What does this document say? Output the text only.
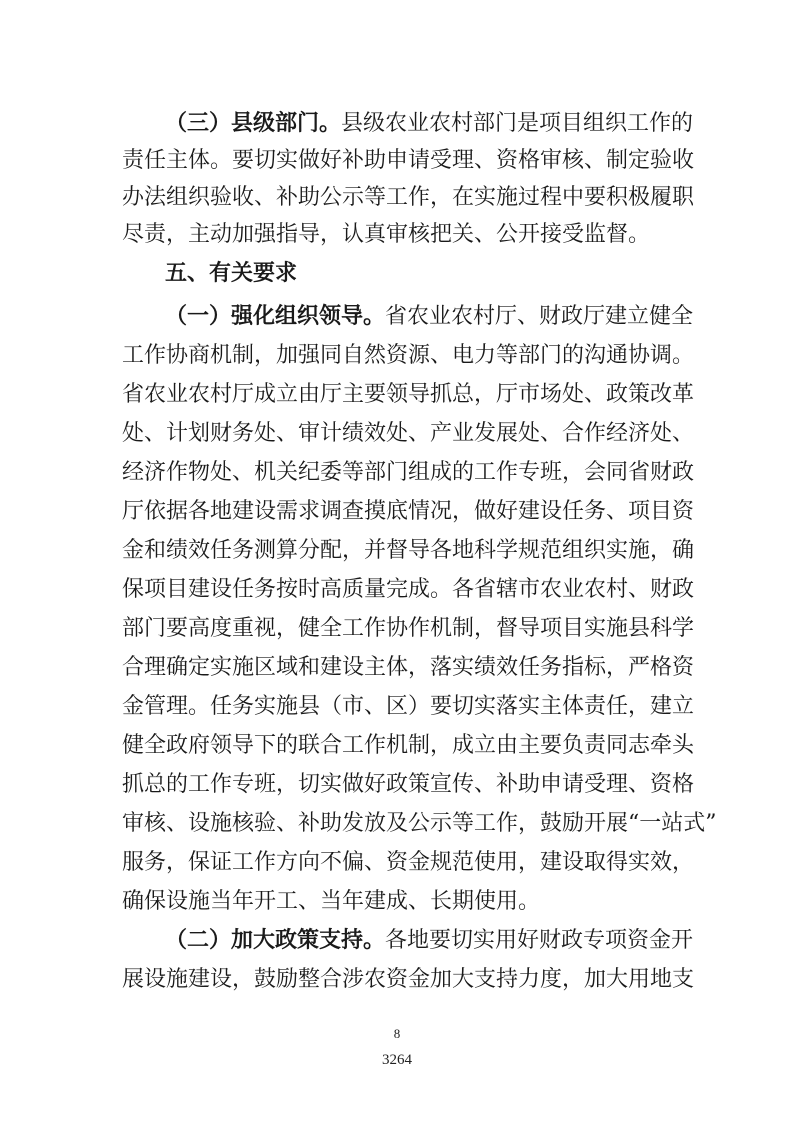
（三）县级部门。县级农业农村部门是项目组织工作的
责任主体。要切实做好补助申请受理、资格审核、制定验收
办法组织验收、补助公示等工作，在实施过程中要积极履职
尽责，主动加强指导，认真审核把关、公开接受监督。
五、有关要求
（一）强化组织领导。省农业农村厅、财政厅建立健全
工作协商机制，加强同自然资源、电力等部门的沟通协调。
省农业农村厅成立由厅主要领导抓总，厅市场处、政策改革
处、计划财务处、审计绩效处、产业发展处、合作经济处、
经济作物处、机关纪委等部门组成的工作专班，会同省财政
厅依据各地建设需求调查摸底情况，做好建设任务、项目资
金和绩效任务测算分配，并督导各地科学规范组织实施，确
保项目建设任务按时高质量完成。各省辖市农业农村、财政
部门要高度重视，健全工作协作机制，督导项目实施县科学
合理确定实施区域和建设主体，落实绩效任务指标，严格资
金管理。任务实施县（市、区）要切实落实主体责任，建立
健全政府领导下的联合工作机制，成立由主要负责同志牵头
抓总的工作专班，切实做好政策宣传、补助申请受理、资格
审核、设施核验、补助发放及公示等工作，鼓励开展“一站式”
服务，保证工作方向不偏、资金规范使用，建设取得实效，
确保设施当年开工、当年建成、长期使用。
（二）加大政策支持。各地要切实用好财政专项资金开
展设施建设，鼓励整合涉农资金加大支持力度，加大用地支
8
3264
